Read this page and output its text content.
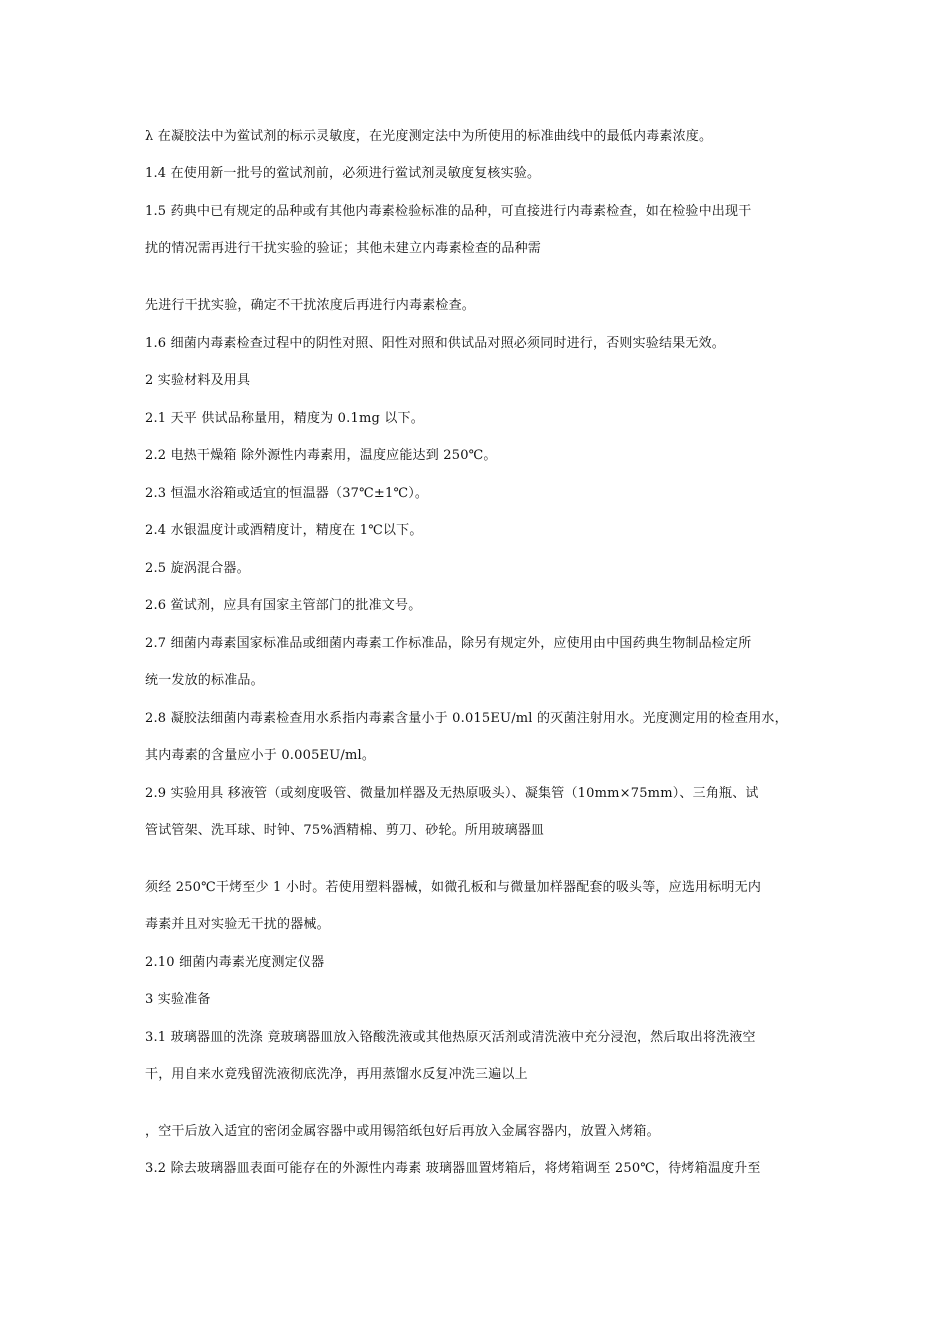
λ 在凝胶法中为鲎试剂的标示灵敏度，在光度测定法中为所使用的标准曲线中的最低内毒素浓度。
1.4 在使用新一批号的鲎试剂前，必须进行鲎试剂灵敏度复核实验。
1.5 药典中已有规定的品种或有其他内毒素检验标准的品种，可直接进行内毒素检查，如在检验中出现干
扰的情况需再进行干扰实验的验证；其他未建立内毒素检查的品种需
先进行干扰实验，确定不干扰浓度后再进行内毒素检查。
1.6 细菌内毒素检查过程中的阴性对照、阳性对照和供试品对照必须同时进行，否则实验结果无效。
2 实验材料及用具
2.1 天平 供试品称量用，精度为 0.1mg 以下。
2.2 电热干燥箱 除外源性内毒素用，温度应能达到 250℃。
2.3 恒温水浴箱或适宜的恒温器（37℃±1℃）。
2.4 水银温度计或酒精度计，精度在 1℃以下。
2.5 旋涡混合器。
2.6 鲎试剂，应具有国家主管部门的批准文号。
2.7 细菌内毒素国家标准品或细菌内毒素工作标准品，除另有规定外，应使用由中国药典生物制品检定所
统一发放的标准品。
2.8 凝胶法细菌内毒素检查用水系指内毒素含量小于 0.015EU/ml 的灭菌注射用水。光度测定用的检查用水，
其内毒素的含量应小于 0.005EU/ml。
2.9 实验用具 移液管（或刻度吸管、微量加样器及无热原吸头）、凝集管（10mm×75mm）、三角瓶、试
管试管架、洗耳球、时钟、75%酒精棉、剪刀、砂轮。所用玻璃器皿
须经 250℃干烤至少 1 小时。若使用塑料器械，如微孔板和与微量加样器配套的吸头等，应选用标明无内
毒素并且对实验无干扰的器械。
2.10 细菌内毒素光度测定仪器
3 实验准备
3.1 玻璃器皿的洗涤 竟玻璃器皿放入铬酸洗液或其他热原灭活剂或清洗液中充分浸泡，然后取出将洗液空
干，用自来水竟残留洗液彻底洗净，再用蒸馏水反复冲洗三遍以上
，空干后放入适宜的密闭金属容器中或用锡箔纸包好后再放入金属容器内，放置入烤箱。
3.2 除去玻璃器皿表面可能存在的外源性内毒素 玻璃器皿置烤箱后，将烤箱调至 250℃，待烤箱温度升至
